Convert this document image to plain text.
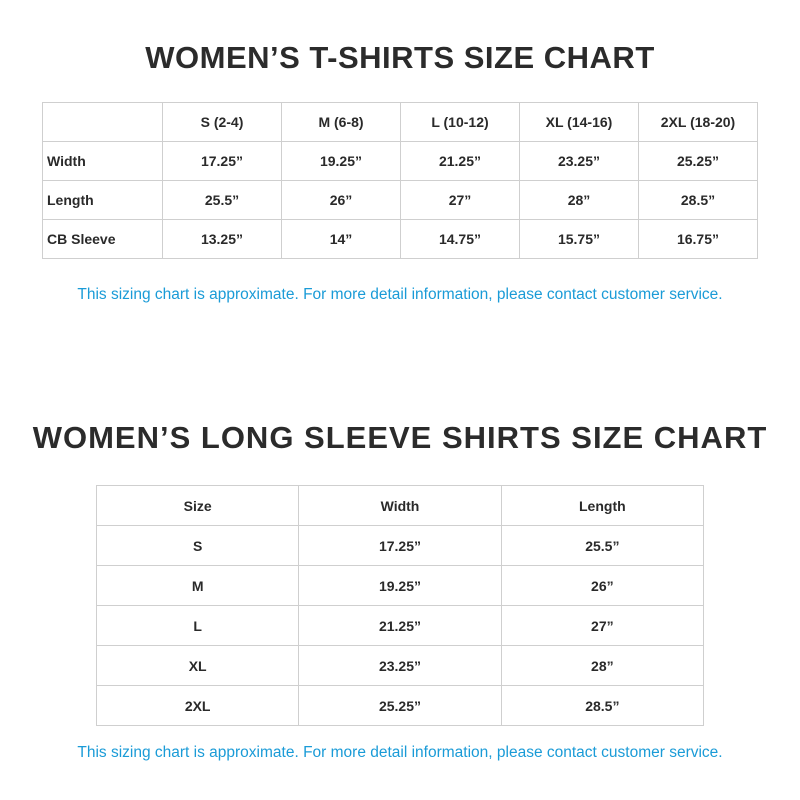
WOMEN’S T-SHIRTS SIZE CHART
	S (2-4)	M (6-8)	L (10-12)	XL (14-16)	2XL (18-20)
Width	17.25”	19.25”	21.25”	23.25”	25.25”
Length	25.5”	26”	27”	28”	28.5”
CB Sleeve	13.25”	14”	14.75”	15.75”	16.75”
This sizing chart is approximate. For more detail information, please contact customer service.
WOMEN’S LONG SLEEVE SHIRTS SIZE CHART
Size	Width	Length
S	17.25”	25.5”
M	19.25”	26”
L	21.25”	27”
XL	23.25”	28”
2XL	25.25”	28.5”
This sizing chart is approximate. For more detail information, please contact customer service.
